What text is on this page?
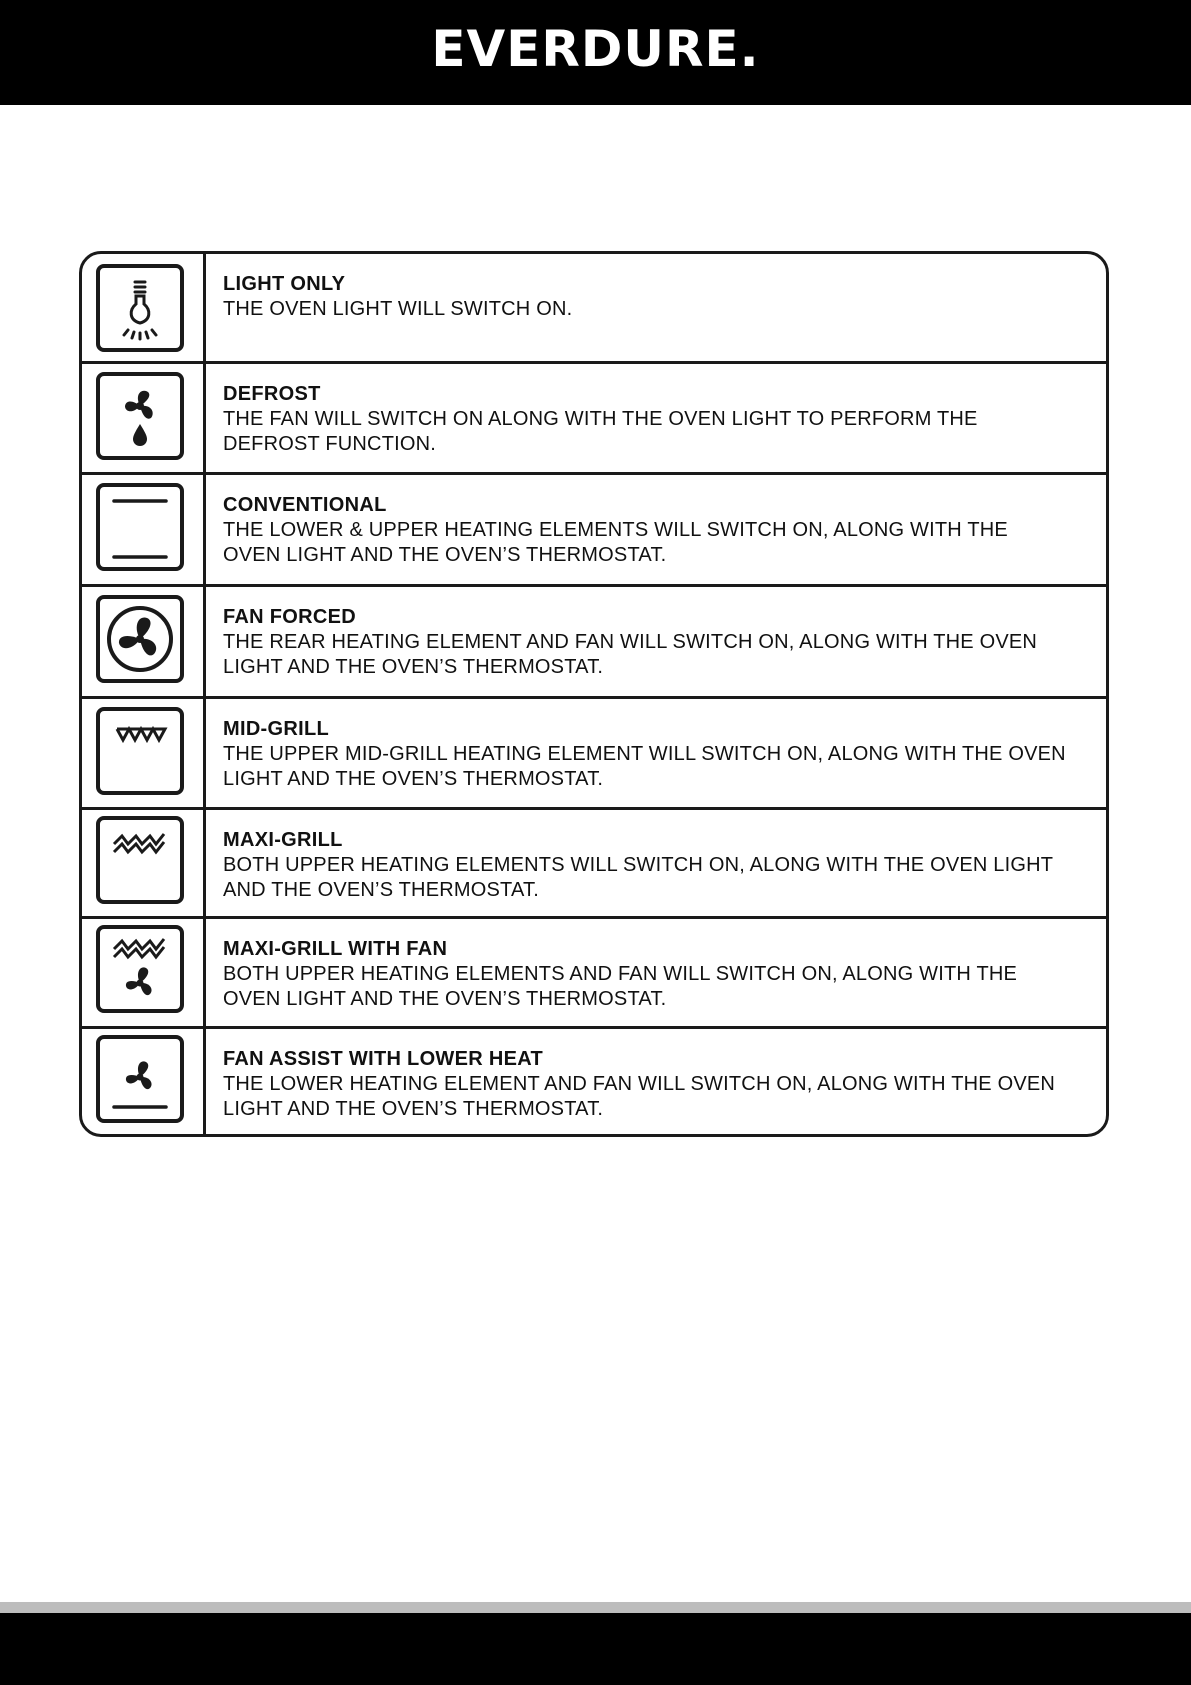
EVERDURE.

LIGHT ONLY

THE OVEN LIGHT WILL SWITCH ON.

DEFROST

THE FAN WILL SWITCH ON ALONG WITH THE OVEN LIGHT TO PERFORM THE DEFROST FUNCTION.

CONVENTIONAL

THE LOWER & UPPER HEATING ELEMENTS WILL SWITCH ON, ALONG WITH THE OVEN LIGHT AND THE OVEN’S THERMOSTAT.

FAN FORCED

THE REAR HEATING ELEMENT AND FAN WILL SWITCH ON, ALONG WITH THE OVEN LIGHT AND THE OVEN’S THERMOSTAT.

MID-GRILL

THE UPPER MID-GRILL HEATING ELEMENT WILL SWITCH ON, ALONG WITH THE OVEN LIGHT AND THE OVEN’S THERMOSTAT.

MAXI-GRILL

BOTH UPPER HEATING ELEMENTS WILL SWITCH ON, ALONG WITH THE OVEN LIGHT AND THE OVEN’S THERMOSTAT.

MAXI-GRILL WITH FAN

BOTH UPPER HEATING ELEMENTS AND FAN WILL SWITCH ON, ALONG WITH THE OVEN LIGHT AND THE OVEN’S THERMOSTAT.

FAN ASSIST WITH LOWER HEAT

THE LOWER HEATING ELEMENT AND FAN WILL SWITCH ON, ALONG WITH THE OVEN LIGHT AND THE OVEN’S THERMOSTAT.
